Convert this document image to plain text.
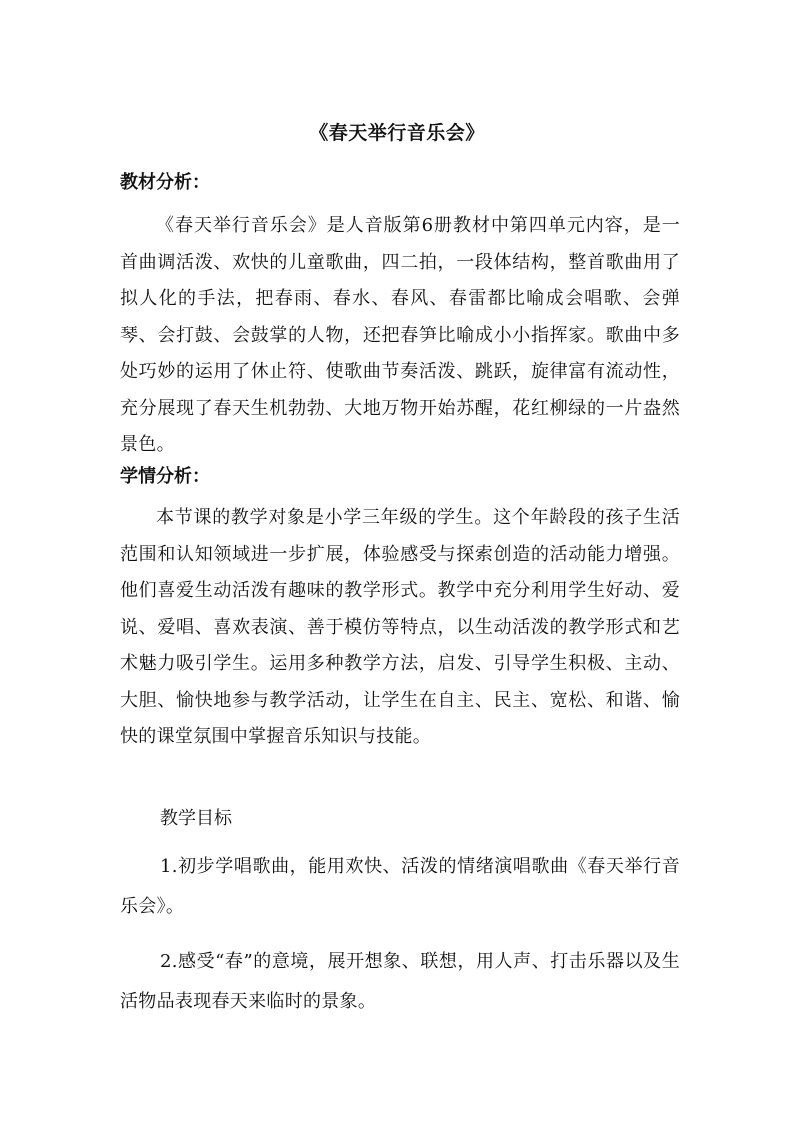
《春天举行音乐会》
教材分析：

《春天举行音乐会》是人音版第6册教材中第四单元内容，是一首曲调活泼、欢快的儿童歌曲，四二拍，一段体结构，整首歌曲用了拟人化的手法，把春雨、春水、春风、春雷都比喻成会唱歌、会弹琴、会打鼓、会鼓掌的人物，还把春笋比喻成小小指挥家。歌曲中多处巧妙的运用了休止符、使歌曲节奏活泼、跳跃，旋律富有流动性，充分展现了春天生机勃勃、大地万物开始苏醒，花红柳绿的一片盎然景色。

学情分析：

本节课的教学对象是小学三年级的学生。这个年龄段的孩子生活范围和认知领域进一步扩展，体验感受与探索创造的活动能力增强。他们喜爱生动活泼有趣味的教学形式。教学中充分利用学生好动、爱说、爱唱、喜欢表演、善于模仿等特点，以生动活泼的教学形式和艺术魅力吸引学生。运用多种教学方法，启发、引导学生积极、主动、大胆、愉快地参与教学活动，让学生在自主、民主、宽松、和谐、愉快的课堂氛围中掌握音乐知识与技能。

教学目标

1.初步学唱歌曲，能用欢快、活泼的情绪演唱歌曲《春天举行音乐会》。

2.感受“春”的意境，展开想象、联想，用人声、打击乐器以及生活物品表现春天来临时的景象。
